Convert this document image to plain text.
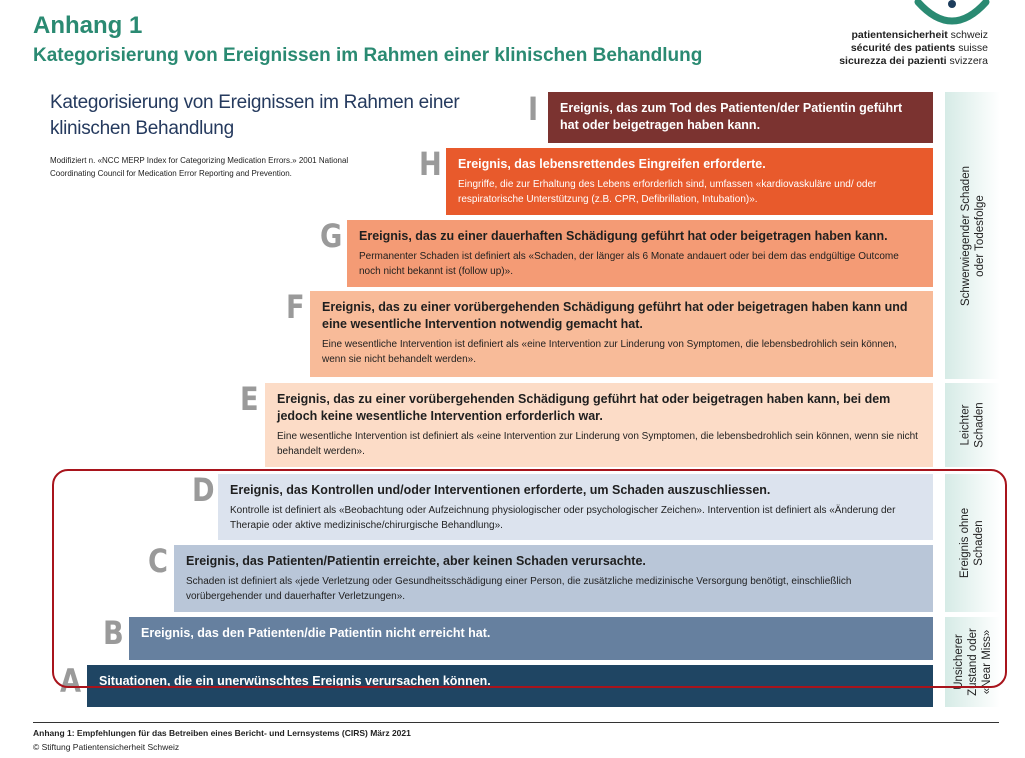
Anhang 1
Kategorisierung von Ereignissen im Rahmen einer klinischen Behandlung
patientensicherheit schweiz
sécurité des patients suisse
sicurezza dei pazienti svizzera
Kategorisierung von Ereignissen im Rahmen einer klinischen Behandlung
Modifiziert n. «NCC MERP Index for Categorizing Medication Errors.» 2001 National Coordinating Council for Medication Error Reporting and Prevention.
I Ereignis, das zum Tod des Patienten/der Patientin geführt hat oder beigetragen haben kann.
H Ereignis, das lebensrettendes Eingreifen erforderte.
Eingriffe, die zur Erhaltung des Lebens erforderlich sind, umfassen «kardiovaskuläre und/ oder respiratorische Unterstützung (z.B. CPR, Defibrillation, Intubation)».
G Ereignis, das zu einer dauerhaften Schädigung geführt hat oder beigetragen haben kann.
Permanenter Schaden ist definiert als «Schaden, der länger als 6 Monate andauert oder bei dem das endgültige Outcome noch nicht bekannt ist (follow up)».
F Ereignis, das zu einer vorübergehenden Schädigung geführt hat oder beigetragen haben kann und eine wesentliche Intervention notwendig gemacht hat.
Eine wesentliche Intervention ist definiert als «eine Intervention zur Linderung von Symptomen, die lebensbedrohlich sein können, wenn sie nicht behandelt werden».
E Ereignis, das zu einer vorübergehenden Schädigung geführt hat oder beigetragen haben kann, bei dem jedoch keine wesentliche Intervention erforderlich war.
Eine wesentliche Intervention ist definiert als «eine Intervention zur Linderung von Symptomen, die lebensbedrohlich sein können, wenn sie nicht behandelt werden».
D Ereignis, das Kontrollen und/oder Interventionen erforderte, um Schaden auszuschliessen.
Kontrolle ist definiert als «Beobachtung oder Aufzeichnung physiologischer oder psychologischer Zeichen». Intervention ist definiert als «Änderung der Therapie oder aktive medizinische/chirurgische Behandlung».
C Ereignis, das Patienten/Patientin erreichte, aber keinen Schaden verursachte.
Schaden ist definiert als «jede Verletzung oder Gesundheitsschädigung einer Person, die zusätzliche medizinische Versorgung benötigt, einschließlich vorübergehender und dauerhafter Verletzungen».
B Ereignis, das den Patienten/die Patientin nicht erreicht hat.
A Situationen, die ein unerwünschtes Ereignis verursachen können.
Schwerwiegender Schaden oder Todesfolge
Leichter Schaden
Ereignis ohne Schaden
Unsicherer Zustand oder «Near Miss»
Anhang 1: Empfehlungen für das Betreiben eines Bericht- und Lernsystems (CIRS) März 2021
© Stiftung Patientensicherheit Schweiz
